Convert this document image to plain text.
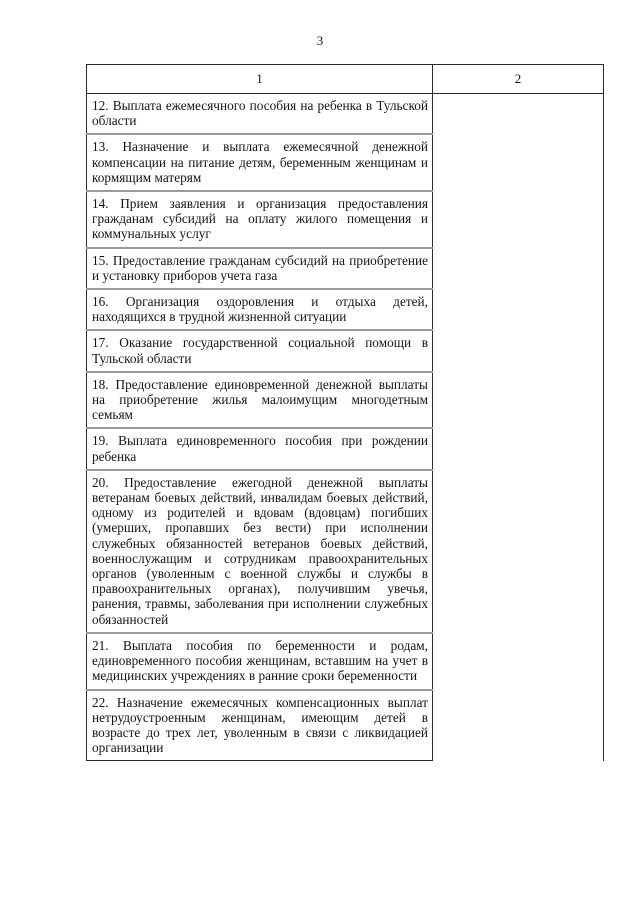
3
1	2
12. Выплата ежемесячного пособия на ребенка в Тульской области	
13. Назначение и выплата ежемесячной денежной компенсации на питание детям, беременным женщинам и кормящим матерям	
14. Прием заявления и организация предоставления гражданам субсидий на оплату жилого помещения и коммунальных услуг	
15. Предоставление гражданам субсидий на приобретение и установку приборов учета газа	
16. Организация оздоровления и отдыха детей, находящихся в трудной жизненной ситуации	
17. Оказание государственной социальной помощи в Тульской области	
18. Предоставление единовременной денежной выплаты на приобретение жилья малоимущим многодетным семьям	
19. Выплата единовременного пособия при рождении ребенка	
20. Предоставление ежегодной денежной выплаты ветеранам боевых действий, инвалидам боевых действий, одному из родителей и вдовам (вдовцам) погибших (умерших, пропавших без вести) при исполнении служебных обязанностей ветеранов боевых действий, военнослужащим и сотрудникам правоохранительных органов (уволенным с военной службы и службы в правоохранительных органах), получившим увечья, ранения, травмы, заболевания при исполнении служебных обязанностей	
21. Выплата пособия по беременности и родам, единовременного пособия женщинам, вставшим на учет в медицинских учреждениях в ранние сроки беременности	
22. Назначение ежемесячных компенсационных выплат нетрудоустроенным женщинам, имеющим детей в возрасте до трех лет, уволенным в связи с ликвидацией организации	
